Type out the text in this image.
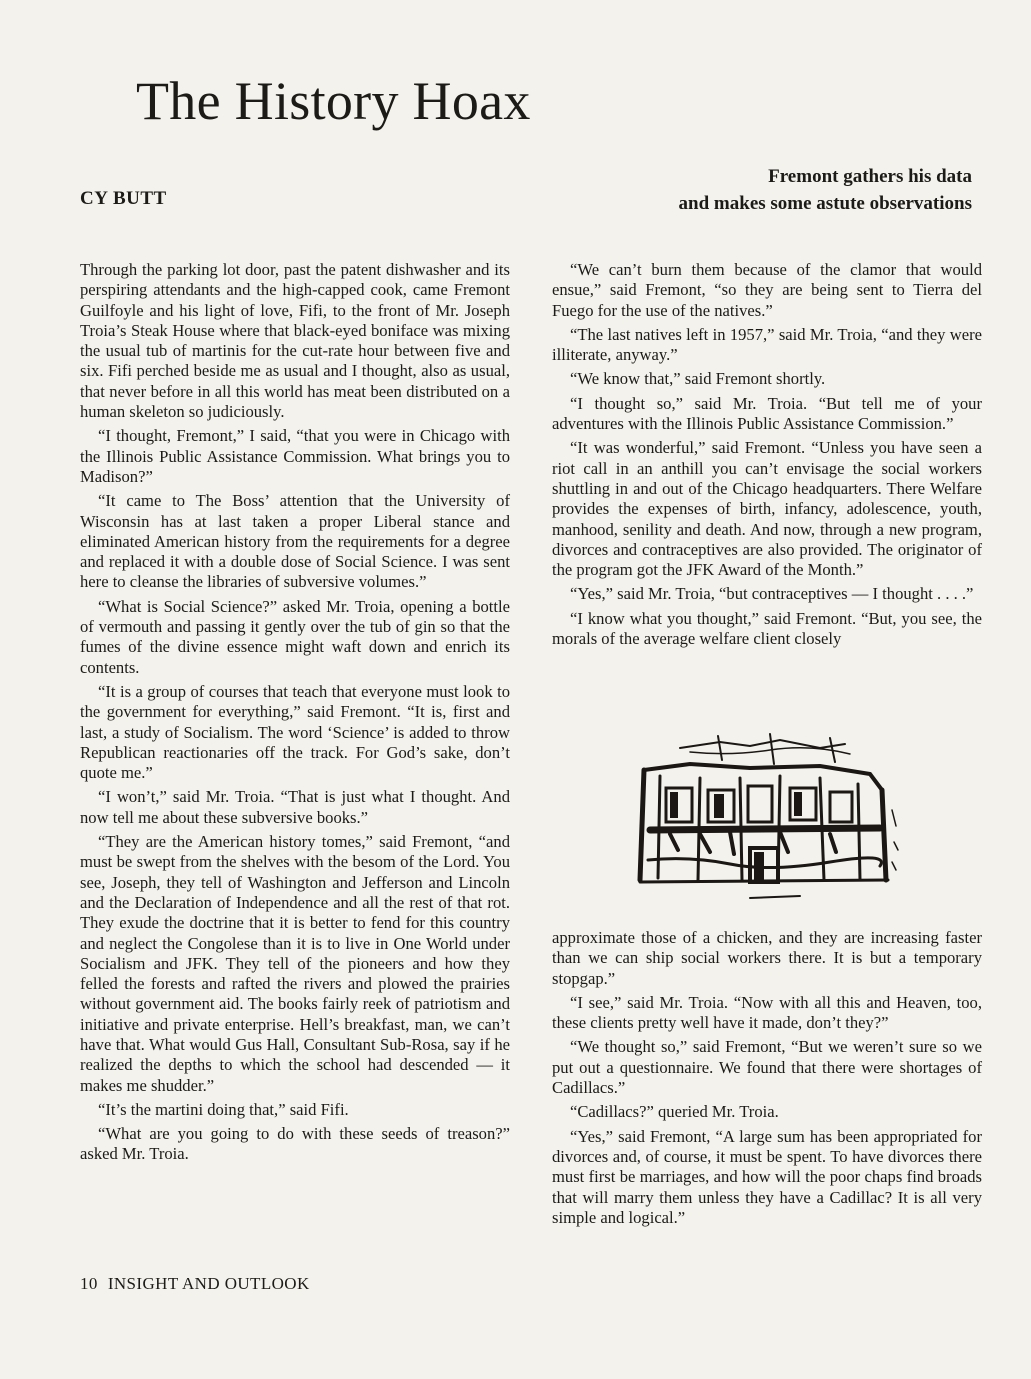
The History Hoax
CY BUTT
Fremont gathers his data
and makes some astute observations

Through the parking lot door, past the patent dishwasher and its perspiring attendants and the high-capped cook, came Fremont Guilfoyle and his light of love, Fifi, to the front of Mr. Joseph Troia’s Steak House where that black-eyed boniface was mixing the usual tub of martinis for the cut-rate hour between five and six. Fifi perched beside me as usual and I thought, also as usual, that never before in all this world has meat been distributed on a human skeleton so judiciously.

“I thought, Fremont,” I said, “that you were in Chicago with the Illinois Public Assistance Commission. What brings you to Madison?”

“It came to The Boss’ attention that the University of Wisconsin has at last taken a proper Liberal stance and eliminated American history from the requirements for a degree and replaced it with a double dose of Social Science. I was sent here to cleanse the libraries of subversive volumes.”

“What is Social Science?” asked Mr. Troia, opening a bottle of vermouth and passing it gently over the tub of gin so that the fumes of the divine essence might waft down and enrich its contents.

“It is a group of courses that teach that everyone must look to the government for everything,” said Fremont. “It is, first and last, a study of Socialism. The word ‘Science’ is added to throw Republican reactionaries off the track. For God’s sake, don’t quote me.”

“I won’t,” said Mr. Troia. “That is just what I thought. And now tell me about these subversive books.”

“They are the American history tomes,” said Fremont, “and must be swept from the shelves with the besom of the Lord. You see, Joseph, they tell of Washington and Jefferson and Lincoln and the Declaration of Independence and all the rest of that rot. They exude the doctrine that it is better to fend for this country and neglect the Congolese than it is to live in One World under Socialism and JFK. They tell of the pioneers and how they felled the forests and rafted the rivers and plowed the prairies without government aid. The books fairly reek of patriotism and initiative and private enterprise. Hell’s breakfast, man, we can’t have that. What would Gus Hall, Consultant Sub-Rosa, say if he realized the depths to which the school had descended — it makes me shudder.”

“It’s the martini doing that,” said Fifi.

“What are you going to do with these seeds of treason?” asked Mr. Troia.

“We can’t burn them because of the clamor that would ensue,” said Fremont, “so they are being sent to Tierra del Fuego for the use of the natives.”

“The last natives left in 1957,” said Mr. Troia, “and they were illiterate, anyway.”

“We know that,” said Fremont shortly.

“I thought so,” said Mr. Troia. “But tell me of your adventures with the Illinois Public Assistance Commission.”

“It was wonderful,” said Fremont. “Unless you have seen a riot call in an anthill you can’t envisage the social workers shuttling in and out of the Chicago headquarters. There Welfare provides the expenses of birth, infancy, adolescence, youth, manhood, senility and death. And now, through a new program, divorces and contraceptives are also provided. The originator of the program got the JFK Award of the Month.”

“Yes,” said Mr. Troia, “but contraceptives — I thought . . . .”

“I know what you thought,” said Fremont. “But, you see, the morals of the average welfare client closely

approximate those of a chicken, and they are increasing faster than we can ship social workers there. It is but a temporary stopgap.”

“I see,” said Mr. Troia. “Now with all this and Heaven, too, these clients pretty well have it made, don’t they?”

“We thought so,” said Fremont, “But we weren’t sure so we put out a questionnaire. We found that there were shortages of Cadillacs.”

“Cadillacs?” queried Mr. Troia.

“Yes,” said Fremont, “A large sum has been appropriated for divorces and, of course, it must be spent. To have divorces there must first be marriages, and how will the poor chaps find broads that will marry them unless they have a Cadillac? It is all very simple and logical.”

10 INSIGHT AND OUTLOOK
